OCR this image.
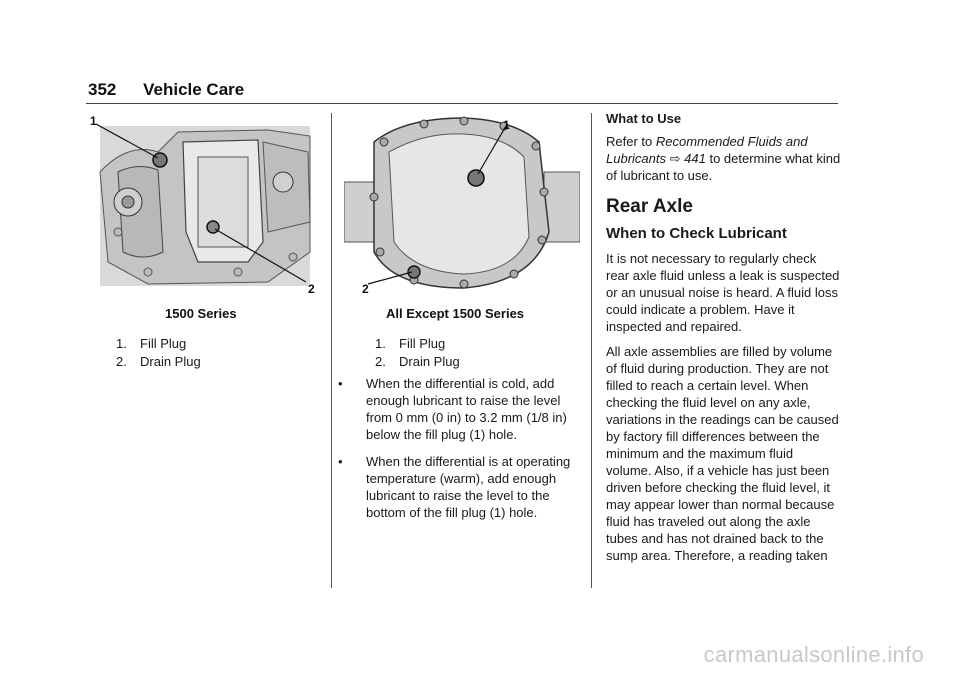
352 Vehicle Care
1
2
1500 Series
1.	Fill Plug
2.	Drain Plug
1
2
All Except 1500 Series
1.	Fill Plug
2.	Drain Plug
•	When the differential is cold, add enough lubricant to raise the level from 0 mm (0 in) to 3.2 mm (1/8 in) below the fill plug (1) hole.
•	When the differential is at operating temperature (warm), add enough lubricant to raise the level to the bottom of the fill plug (1) hole.
What to Use

Refer to Recommended Fluids and Lubricants ⇨ 441 to determine what kind of lubricant to use.

Rear Axle
When to Check Lubricant

It is not necessary to regularly check rear axle fluid unless a leak is suspected or an unusual noise is heard. A fluid loss could indicate a problem. Have it inspected and repaired.

All axle assemblies are filled by volume of fluid during production. They are not filled to reach a certain level. When checking the fluid level on any axle, variations in the readings can be caused by factory fill differences between the minimum and the maximum fluid volume. Also, if a vehicle has just been driven before checking the fluid level, it may appear lower than normal because fluid has traveled out along the axle tubes and has not drained back to the sump area. Therefore, a reading taken

carmanualsonline.info
